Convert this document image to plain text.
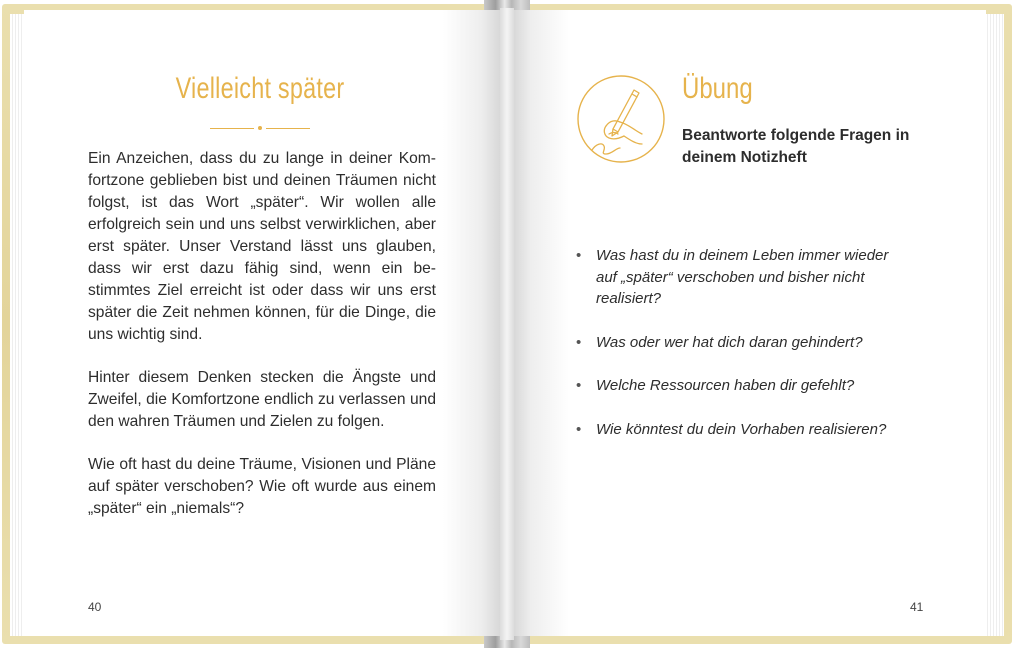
Vielleicht später
Ein Anzeichen, dass du zu lange in deiner Komfortzone geblieben bist und deinen Träumen nicht folgst, ist das Wort „später“. Wir wollen alle erfolgreich sein und uns selbst verwirklichen, aber erst später. Unser Verstand lässt uns glauben, dass wir erst dazu fähig sind, wenn ein bestimmtes Ziel erreicht ist oder dass wir uns erst später die Zeit nehmen können, für die Dinge, die uns wichtig sind.
Hinter diesem Denken stecken die Ängste und Zweifel, die Komfortzone endlich zu verlassen und den wahren Träumen und Zielen zu folgen.
Wie oft hast du deine Träume, Visionen und Pläne auf später verschoben? Wie oft wurde aus einem „später“ ein „niemals“?
40
Übung
Beantworte folgende Fragen in deinem Notizheft
• Was hast du in deinem Leben immer wieder auf „später“ verschoben und bisher nicht realisiert?
• Was oder wer hat dich daran gehindert?
• Welche Ressourcen haben dir gefehlt?
• Wie könntest du dein Vorhaben realisieren?
41
